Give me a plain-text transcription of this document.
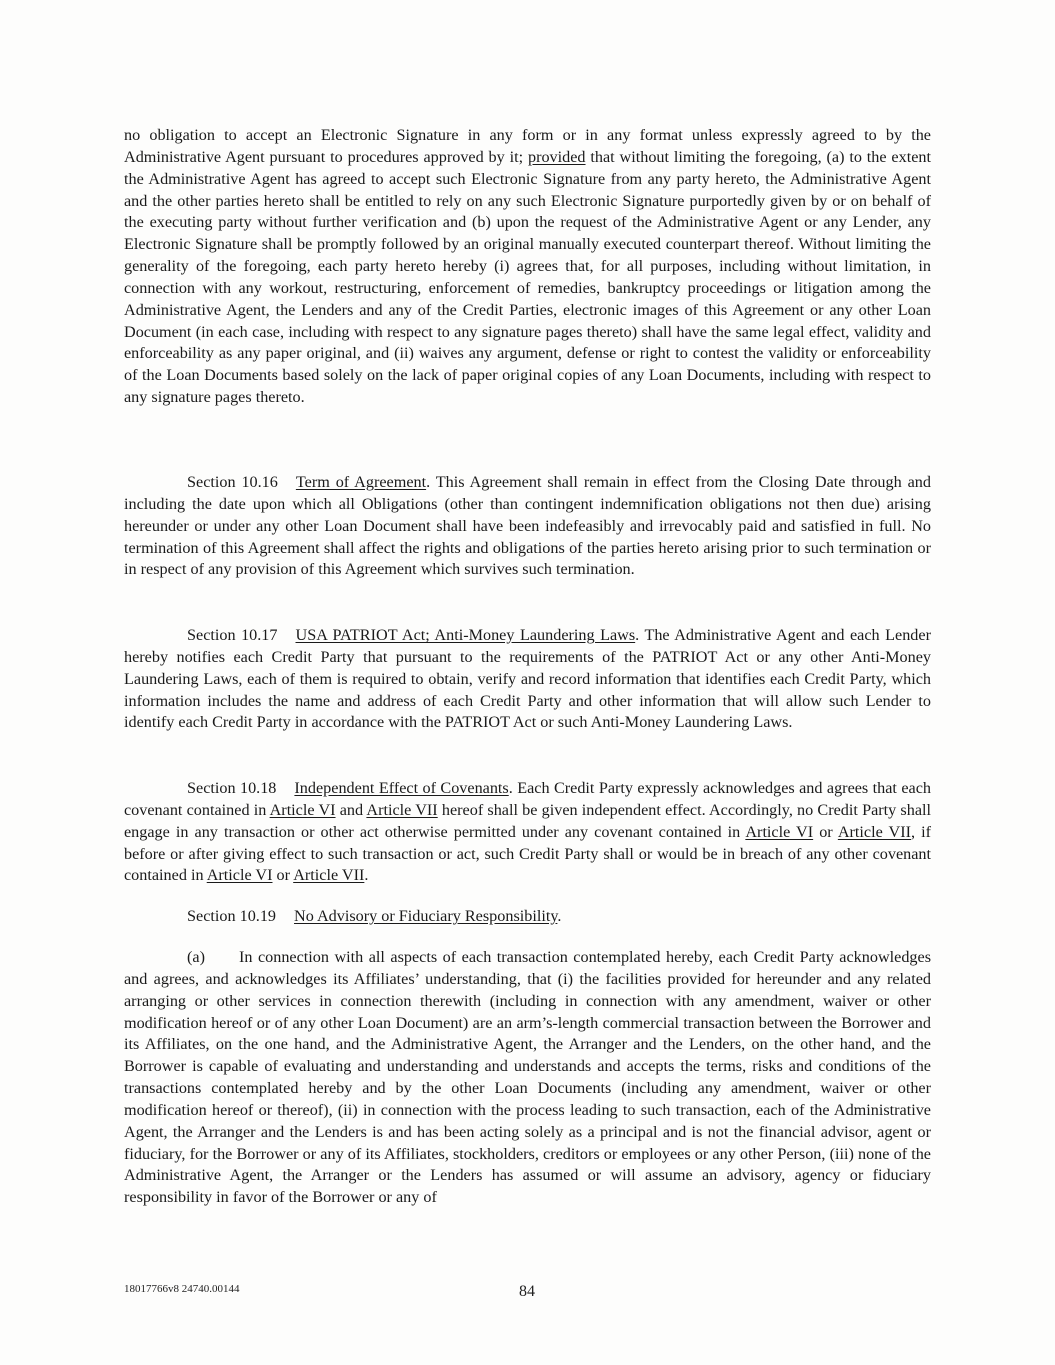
no obligation to accept an Electronic Signature in any form or in any format unless expressly agreed to by the Administrative Agent pursuant to procedures approved by it; provided that without limiting the foregoing, (a) to the extent the Administrative Agent has agreed to accept such Electronic Signature from any party hereto, the Administrative Agent and the other parties hereto shall be entitled to rely on any such Electronic Signature purportedly given by or on behalf of the executing party without further verification and (b) upon the request of the Administrative Agent or any Lender, any Electronic Signature shall be promptly followed by an original manually executed counterpart thereof. Without limiting the generality of the foregoing, each party hereto hereby (i) agrees that, for all purposes, including without limitation, in connection with any workout, restructuring, enforcement of remedies, bankruptcy proceedings or litigation among the Administrative Agent, the Lenders and any of the Credit Parties, electronic images of this Agreement or any other Loan Document (in each case, including with respect to any signature pages thereto) shall have the same legal effect, validity and enforceability as any paper original, and (ii) waives any argument, defense or right to contest the validity or enforceability of the Loan Documents based solely on the lack of paper original copies of any Loan Documents, including with respect to any signature pages thereto.
Section 10.16 Term of Agreement. This Agreement shall remain in effect from the Closing Date through and including the date upon which all Obligations (other than contingent indemnification obligations not then due) arising hereunder or under any other Loan Document shall have been indefeasibly and irrevocably paid and satisfied in full. No termination of this Agreement shall affect the rights and obligations of the parties hereto arising prior to such termination or in respect of any provision of this Agreement which survives such termination.
Section 10.17 USA PATRIOT Act; Anti-Money Laundering Laws. The Administrative Agent and each Lender hereby notifies each Credit Party that pursuant to the requirements of the PATRIOT Act or any other Anti-Money Laundering Laws, each of them is required to obtain, verify and record information that identifies each Credit Party, which information includes the name and address of each Credit Party and other information that will allow such Lender to identify each Credit Party in accordance with the PATRIOT Act or such Anti-Money Laundering Laws.
Section 10.18 Independent Effect of Covenants. Each Credit Party expressly acknowledges and agrees that each covenant contained in Article VI and Article VII hereof shall be given independent effect. Accordingly, no Credit Party shall engage in any transaction or other act otherwise permitted under any covenant contained in Article VI or Article VII, if before or after giving effect to such transaction or act, such Credit Party shall or would be in breach of any other covenant contained in Article VI or Article VII.
Section 10.19 No Advisory or Fiduciary Responsibility.
(a) In connection with all aspects of each transaction contemplated hereby, each Credit Party acknowledges and agrees, and acknowledges its Affiliates’ understanding, that (i) the facilities provided for hereunder and any related arranging or other services in connection therewith (including in connection with any amendment, waiver or other modification hereof or of any other Loan Document) are an arm’s-length commercial transaction between the Borrower and its Affiliates, on the one hand, and the Administrative Agent, the Arranger and the Lenders, on the other hand, and the Borrower is capable of evaluating and understanding and understands and accepts the terms, risks and conditions of the transactions contemplated hereby and by the other Loan Documents (including any amendment, waiver or other modification hereof or thereof), (ii) in connection with the process leading to such transaction, each of the Administrative Agent, the Arranger and the Lenders is and has been acting solely as a principal and is not the financial advisor, agent or fiduciary, for the Borrower or any of its Affiliates, stockholders, creditors or employees or any other Person, (iii) none of the Administrative Agent, the Arranger or the Lenders has assumed or will assume an advisory, agency or fiduciary responsibility in favor of the Borrower or any of
18017766v8 24740.00144	84
